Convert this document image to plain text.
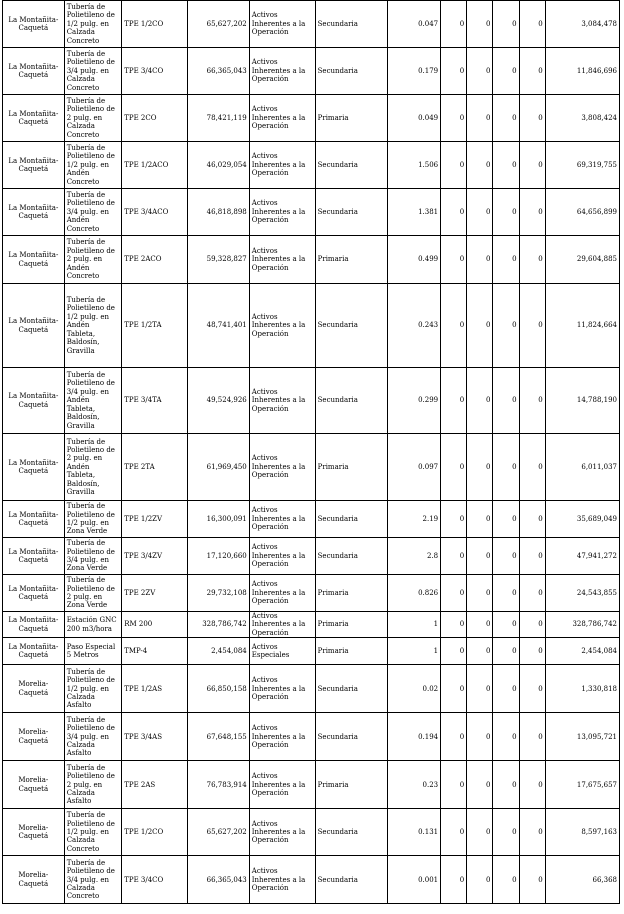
La Montañita-Caquetá	Tubería de Polietileno de 1/2 pulg. en Calzada Concreto	TPE 1/2CO	65,627,202	Activos Inherentes a la Operación	Secundaria	0.047	0	0	0	0	3,084,478
La Montañita-Caquetá	Tubería de Polietileno de 3/4 pulg. en Calzada Concreto	TPE 3/4CO	66,365,043	Activos Inherentes a la Operación	Secundaria	0.179	0	0	0	0	11,846,696
La Montañita-Caquetá	Tubería de Polietileno de 2 pulg. en Calzada Concreto	TPE 2CO	78,421,119	Activos Inherentes a la Operación	Primaria	0.049	0	0	0	0	3,808,424
La Montañita-Caquetá	Tubería de Polietileno de 1/2 pulg. en Andén Concreto	TPE 1/2ACO	46,029,054	Activos Inherentes a la Operación	Secundaria	1.506	0	0	0	0	69,319,755
La Montañita-Caquetá	Tubería de Polietileno de 3/4 pulg. en Andén Concreto	TPE 3/4ACO	46,818,898	Activos Inherentes a la Operación	Secundaria	1.381	0	0	0	0	64,656,899
La Montañita-Caquetá	Tubería de Polietileno de 2 pulg. en Andén Concreto	TPE 2ACO	59,328,827	Activos Inherentes a la Operación	Primaria	0.499	0	0	0	0	29,604,885
La Montañita-Caquetá	Tubería de Polietileno de 1/2 pulg. en Andén Tableta, Baldosín, Gravilla	TPE 1/2TA	48,741,401	Activos Inherentes a la Operación	Secundaria	0.243	0	0	0	0	11,824,664
La Montañita-Caquetá	Tubería de Polietileno de 3/4 pulg. en Andén Tableta, Baldosín, Gravilla	TPE 3/4TA	49,524,926	Activos Inherentes a la Operación	Secundaria	0.299	0	0	0	0	14,788,190
La Montañita-Caquetá	Tubería de Polietileno de 2 pulg. en Andén Tableta, Baldosín, Gravilla	TPE 2TA	61,969,450	Activos Inherentes a la Operación	Primaria	0.097	0	0	0	0	6,011,037
La Montañita-Caquetá	Tubería de Polietileno de 1/2 pulg. en Zona Verde	TPE 1/2ZV	16,300,091	Activos Inherentes a la Operación	Secundaria	2.19	0	0	0	0	35,689,049
La Montañita-Caquetá	Tubería de Polietileno de 3/4 pulg. en Zona Verde	TPE 3/4ZV	17,120,660	Activos Inherentes a la Operación	Secundaria	2.8	0	0	0	0	47,941,272
La Montañita-Caquetá	Tubería de Polietileno de 2 pulg. en Zona Verde	TPE 2ZV	29,732,108	Activos Inherentes a la Operación	Primaria	0.826	0	0	0	0	24,543,855
La Montañita-Caquetá	Estación GNC 200 m3/hora	RM 200	328,786,742	Activos Inherentes a la Operación	Primaria	1	0	0	0	0	328,786,742
La Montañita-Caquetá	Paso Especial 5 Metros	TMP-4	2,454,084	Activos Especiales	Primaria	1	0	0	0	0	2,454,084
Morelia-Caquetá	Tubería de Polietileno de 1/2 pulg. en Calzada Asfalto	TPE 1/2AS	66,850,158	Activos Inherentes a la Operación	Secundaria	0.02	0	0	0	0	1,330,818
Morelia-Caquetá	Tubería de Polietileno de 3/4 pulg. en Calzada Asfalto	TPE 3/4AS	67,648,155	Activos Inherentes a la Operación	Secundaria	0.194	0	0	0	0	13,095,721
Morelia-Caquetá	Tubería de Polietileno de 2 pulg. en Calzada Asfalto	TPE 2AS	76,783,914	Activos Inherentes a la Operación	Primaria	0.23	0	0	0	0	17,675,657
Morelia-Caquetá	Tubería de Polietileno de 1/2 pulg. en Calzada Concreto	TPE 1/2CO	65,627,202	Activos Inherentes a la Operación	Secundaria	0.131	0	0	0	0	8,597,163
Morelia-Caquetá	Tubería de Polietileno de 3/4 pulg. en Calzada Concreto	TPE 3/4CO	66,365,043	Activos Inherentes a la Operación	Secundaria	0.001	0	0	0	0	66,368
